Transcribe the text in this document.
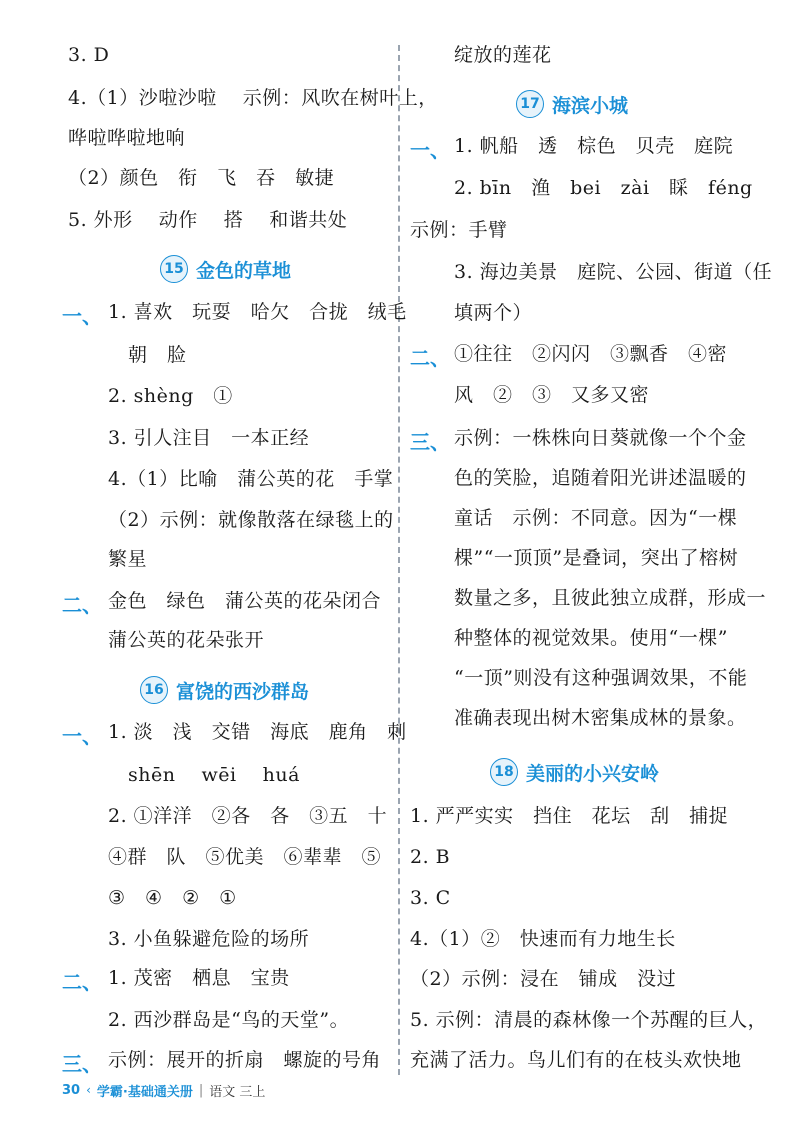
3. D
4.（1）沙啦沙啦　 示例：风吹在树叶上，
哗啦哗啦地响
（2）颜色　衔　飞　吞　敏捷
5. 外形　 动作　 搭　 和谐共处
15 金色的草地
一、 1. 喜欢　玩耍　哈欠　合拢　绒毛
朝　脸
2. shèng　①
3. 引人注目　一本正经
4.（1）比喻　蒲公英的花　手掌
（2）示例：就像散落在绿毯上的
繁星
二、 金色　绿色　蒲公英的花朵闭合
蒲公英的花朵张开
16 富饶的西沙群岛
一、 1. 淡　浅　交错　海底　鹿角　刺
shēn　 wēi　 huá
2. ①洋洋　②各　各　③五　十
④群　队　⑤优美　⑥辈辈　⑤
③　④　②　①
3. 小鱼躲避危险的场所
二、 1. 茂密　栖息　宝贵
2. 西沙群岛是“鸟的天堂”。
三、 示例：展开的折扇　螺旋的号角
绽放的莲花
17 海滨小城
一、 1. 帆船　透　棕色　贝壳　庭院
2. bīn　渔　bei　zài　睬　féng
示例：手臂
3. 海边美景　庭院、公园、街道（任
填两个）
二、 ①往往　②闪闪　③飘香　④密
风　②　③　又多又密
三、 示例：一株株向日葵就像一个个金
色的笑脸，追随着阳光讲述温暖的
童话　示例：不同意。因为“一棵
棵”“一顶顶”是叠词，突出了榕树
数量之多，且彼此独立成群，形成一
种整体的视觉效果。使用“一棵”
“一顶”则没有这种强调效果，不能
准确表现出树木密集成林的景象。
18 美丽的小兴安岭
1. 严严实实　挡住　花坛　刮　捕捉
2. B
3. C
4.（1）②　快速而有力地生长
（2）示例：浸在　铺成　没过
5. 示例：清晨的森林像一个苏醒的巨人，
充满了活力。鸟儿们有的在枝头欢快地
30 ‹ 学霸·基础通关册 | 语文 三上
